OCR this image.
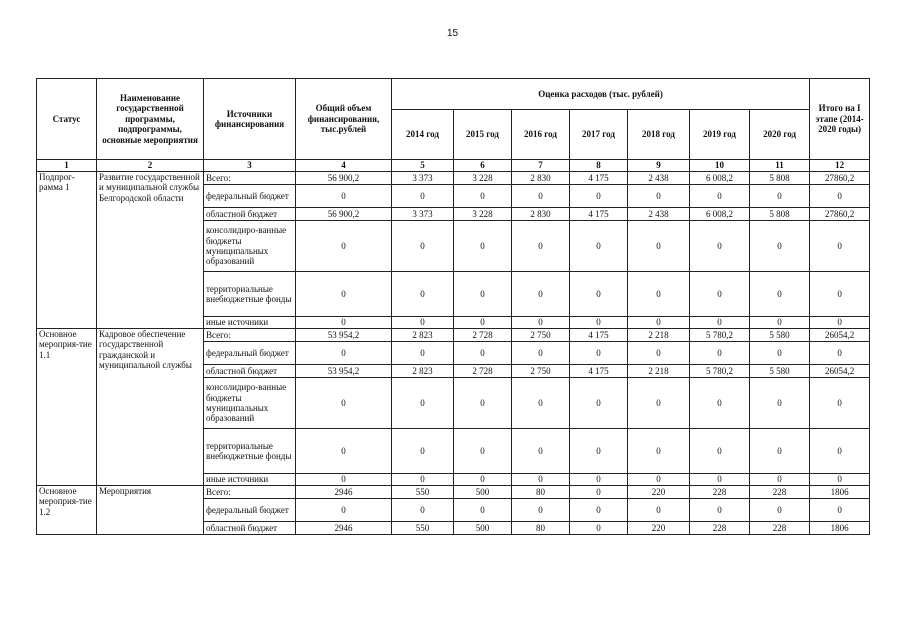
15
Статус	Наименование государственной программы, подпрограммы, основные мероприятия	Источники финансирования	Общий объем финансирования, тыс.рублей	Оценка расходов (тыс. рублей)							Итого на I этапе (2014-2020 годы)
				2014 год	2015 год	2016 год	2017 год	2018 год	2019 год	2020 год	
1	2	3	4	5	6	7	8	9	10	11	12
Подпрог-рамма 1	Развитие государственной и муниципальной службы Белгородской области	Всего:	56 900,2	3 373	3 228	2 830	4 175	2 438	6 008,2	5 808	27860,2
		федеральный бюджет	0	0	0	0	0	0	0	0	0
		областной бюджет	56 900,2	3 373	3 228	2 830	4 175	2 438	6 008,2	5 808	27860,2
		консолидиро-ванные бюджеты муниципальных образований	0	0	0	0	0	0	0	0	0
		территориальные внебюджетные фонды	0	0	0	0	0	0	0	0	0
		иные источники	0	0	0	0	0	0	0	0	0
Основное мероприя-тие 1.1	Кадровое обеспечение государственной гражданской и муниципальной службы	Всего:	53 954,2	2 823	2 728	2 750	4 175	2 218	5 780,2	5 580	26054,2
		федеральный бюджет	0	0	0	0	0	0	0	0	0
		областной бюджет	53 954,2	2 823	2 728	2 750	4 175	2 218	5 780,2	5 580	26054,2
		консолидиро-ванные бюджеты муниципальных образований	0	0	0	0	0	0	0	0	0
		территориальные внебюджетные фонды	0	0	0	0	0	0	0	0	0
		иные источники	0	0	0	0	0	0	0	0	0
Основное мероприя-тие 1.2	Мероприятия	Всего:	2946	550	500	80	0	220	228	228	1806
		федеральный бюджет	0	0	0	0	0	0	0	0	0
		областной бюджет	2946	550	500	80	0	220	228	228	1806
